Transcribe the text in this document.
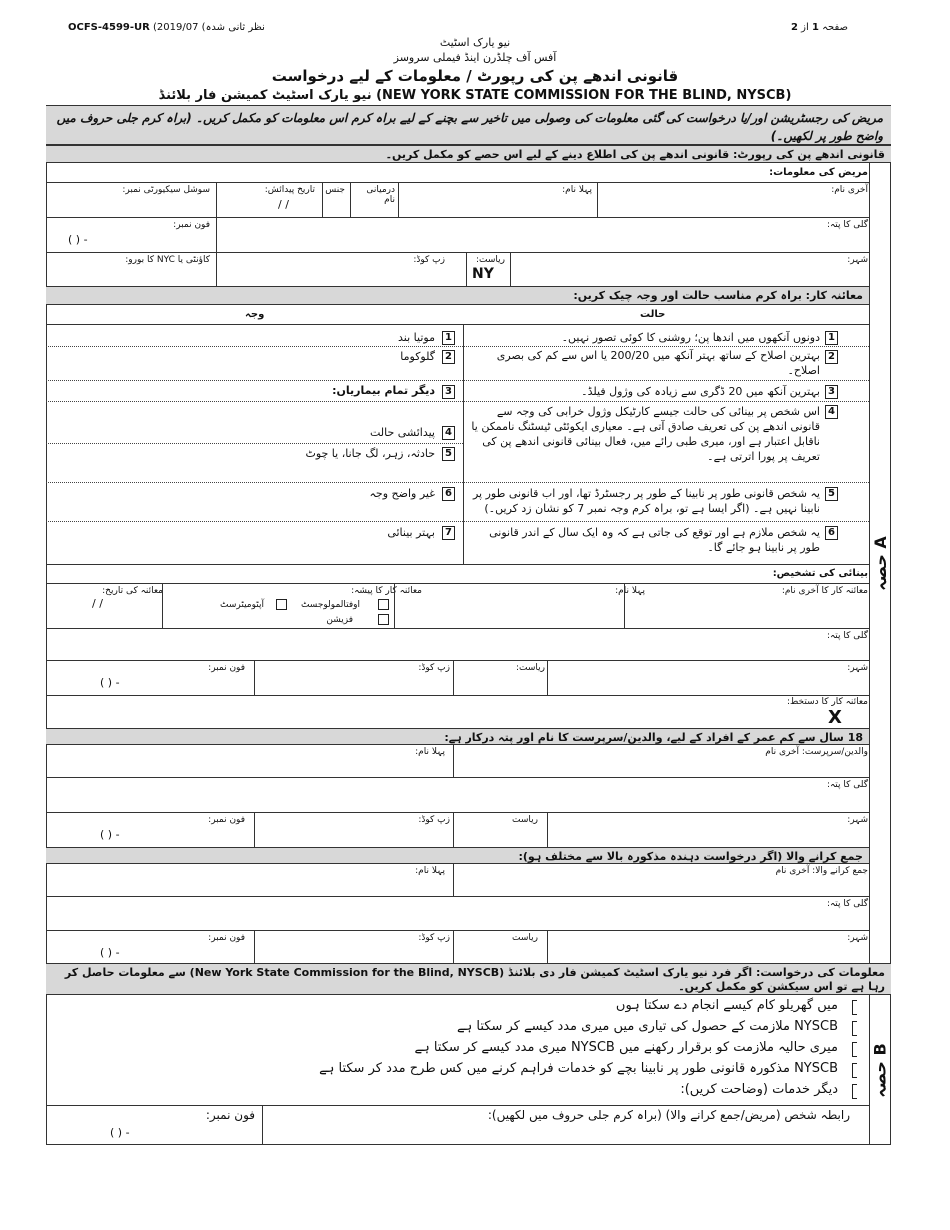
OCFS-4599-UR (2019/07 (نظر ثانی شدہ	صفحہ 1 از 2
نیو یارک اسٹیٹ
آفس آف چلڈرن اینڈ فیملی سروسز
قانونی اندھے پن کی رپورٹ / معلومات کے لیے درخواست
نیو یارک اسٹیٹ کمیشن فار بلائنڈ (NEW YORK STATE COMMISSION FOR THE BLIND, NYSCB)
مریض کی رجسٹریشن اور/یا درخواست کی گئی معلومات کی وصولی میں تاخیر سے بچنے کے لیے براہ کرم اس معلومات کو مکمل کریں۔ (براہ کرم جلی حروف میں واضح طور پر لکھیں۔)
قانونی اندھے پن کی رپورٹ: قانونی اندھے پن کی اطلاع دینے کے لیے اس حصے کو مکمل کریں۔
حصہ A
مریض کی معلومات:
آخری نام:
پہلا نام:
درمیانی نام
جنس
تاریخ پیدائش:
/ /
سوشل سیکیورٹی نمبر:
گلی کا پتہ:
فون نمبر:
( ) -
شہر:
ریاست:
NY
زپ کوڈ:
کاؤنٹی یا NYC کا بورو:
معائنہ کار: براہ کرم مناسب حالت اور وجہ چیک کریں:
حالت
وجہ
1
دونوں آنکھوں میں اندھا پن؛ روشنی کا کوئی تصور نہیں۔
2
بہترین اصلاح کے ساتھ بہتر آنکھ میں 200/20 یا اس سے کم کی بصری اصلاح۔
3
بہترین آنکھ میں 20 ڈگری سے زیادہ کی وژول فیلڈ۔
4
اس شخص پر بینائی کی حالت جیسے کارٹیکل وژول خرابی کی وجہ سے قانونی اندھے پن کی تعریف صادق آتی ہے۔ معیاری ایکوئٹی ٹیسٹنگ ناممکن یا ناقابل اعتبار ہے اور، میری طبی رائے میں، فعال بینائی قانونی اندھے پن کی تعریف پر پورا اترتی ہے۔
5
یہ شخص قانونی طور پر نابینا کے طور پر رجسٹرڈ تھا، اور اب قانونی طور پر نابینا نہیں ہے۔ (اگر ایسا ہے تو، براہ کرم وجہ نمبر 7 کو نشان زد کریں۔)
6
یہ شخص ملازم ہے اور توقع کی جاتی ہے کہ وہ ایک سال کے اندر قانونی طور پر نابینا ہو جائے گا۔
1
موتیا بند
2
گلوکوما
3
دیگر تمام بیماریاں:
4
پیدائشی حالت
5
حادثہ، زہر، لگ جانا، یا چوٹ
6
غیر واضح وجہ
7
بہتر بینائی
بینائی کی تشخیص:
معائنہ کار کا آخری نام:
پہلا نام:
معائنہ کار کا پیشہ:
اوفتالمولوجسٹ
آپٹومیٹرسٹ
فزیشن
معائنہ کی تاریخ:
/ /
گلی کا پتہ:
شہر:
ریاست:
زپ کوڈ:
فون نمبر:
( ) -
معائنہ کار کا دستخط:
X
18 سال سے کم عمر کے افراد کے لیے، والدین/سرپرست کا نام اور پتہ درکار ہے:
والدین/سرپرست: آخری نام
پہلا نام:
گلی کا پتہ:
شہر:
ریاست
زپ کوڈ:
فون نمبر:
( ) -
جمع کرانے والا (اگر درخواست دہندہ مذکورہ بالا سے مختلف ہو):
جمع کرانے والا: آخری نام
پہلا نام:
گلی کا پتہ:
شہر:
ریاست
زپ کوڈ:
فون نمبر:
( ) -
معلومات کی درخواست: اگر فرد نیو یارک اسٹیٹ کمیشن فار دی بلائنڈ (New York State Commission for the Blind, NYSCB) سے معلومات حاصل کر رہا ہے تو اس سیکشن کو مکمل کریں۔
حصہ B
میں گھریلو کام کیسے انجام دے سکتا ہوں
NYSCB ملازمت کے حصول کی تیاری میں میری مدد کیسے کر سکتا ہے
میری حالیہ ملازمت کو برقرار رکھنے میں NYSCB میری مدد کیسے کر سکتا ہے
NYSCB مذکورہ قانونی طور پر نابینا بچے کو خدمات فراہم کرنے میں کس طرح مدد کر سکتا ہے
دیگر خدمات (وضاحت کریں):
رابطہ شخص (مریض/جمع کرانے والا) (براہ کرم جلی حروف میں لکھیں):
فون نمبر:
( ) -
